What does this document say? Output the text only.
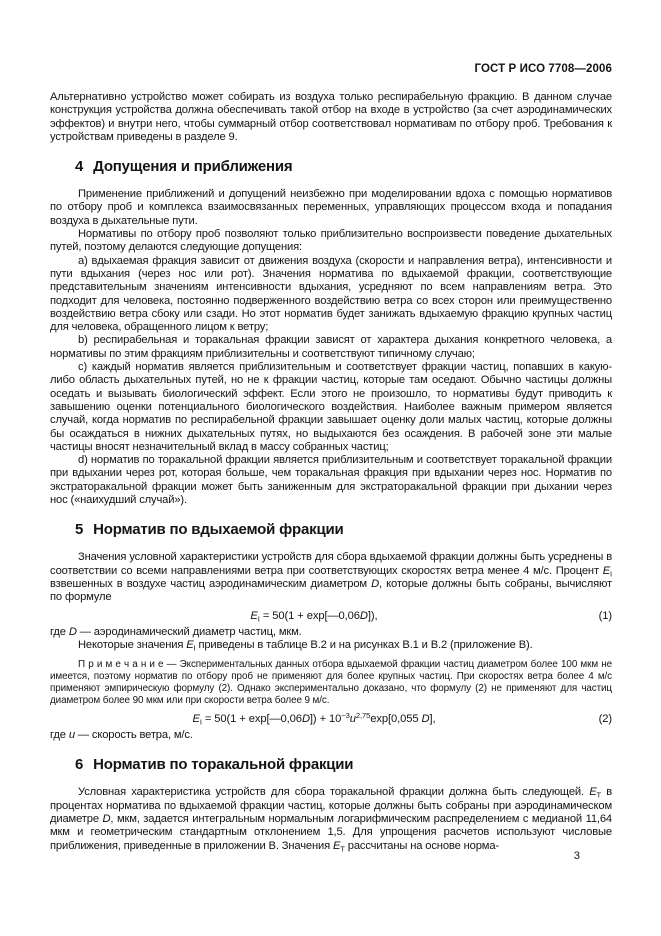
ГОСТ Р ИСО 7708—2006

Альтернативно устройство может собирать из воздуха только респирабельную фракцию. В данном случае конструкция устройства должна обеспечивать такой отбор на входе в устройство (за счет аэродинамических эффектов) и внутри него, чтобы суммарный отбор соответствовал нормативам по отбору проб. Требования к устройствам приведены в разделе 9.

4 Допущения и приближения

Применение приближений и допущений неизбежно при моделировании вдоха с помощью нормативов по отбору проб и комплекса взаимосвязанных переменных, управляющих процессом входа и попадания воздуха в дыхательные пути.

Нормативы по отбору проб позволяют только приблизительно воспроизвести поведение дыхательных путей, поэтому делаются следующие допущения:

а) вдыхаемая фракция зависит от движения воздуха (скорости и направления ветра), интенсивности и пути вдыхания (через нос или рот). Значения норматива по вдыхаемой фракции, соответствующие представительным значениям интенсивности вдыхания, усредняют по всем направлениям ветра. Это подходит для человека, постоянно подверженного воздействию ветра со всех сторон или преимущественно воздействию ветра сбоку или сзади. Но этот норматив будет занижать вдыхаемую фракцию крупных частиц для человека, обращенного лицом к ветру;

b) респирабельная и торакальная фракции зависят от характера дыхания конкретного человека, а нормативы по этим фракциям приблизительны и соответствуют типичному случаю;

c) каждый норматив является приблизительным и соответствует фракции частиц, попавших в какую-либо область дыхательных путей, но не к фракции частиц, которые там оседают. Обычно частицы должны оседать и вызывать биологический эффект. Если этого не произошло, то нормативы будут приводить к завышению оценки потенциального биологического воздействия. Наиболее важным примером является случай, когда норматив по респирабельной фракции завышает оценку доли малых частиц, которые должны бы осаждаться в нижних дыхательных путях, но выдыхаются без осаждения. В рабочей зоне эти малые частицы вносят незначительный вклад в массу собранных частиц;

d) норматив по торакальной фракции является приблизительным и соответствует торакальной фракции при вдыхании через рот, которая больше, чем торакальная фракция при вдыхании через нос. Норматив по экстраторакальной фракции может быть заниженным для экстраторакальной фракции при дыхании через нос («наихудший случай»).

5 Норматив по вдыхаемой фракции

Значения условной характеристики устройств для сбора вдыхаемой фракции должны быть усреднены в соответствии со всеми направлениями ветра при соответствующих скоростях ветра менее 4 м/с. Процент $E_I$ взвешенных в воздухе частиц аэродинамическим диаметром D, которые должны быть собраны, вычисляют по формуле

$E_I = 50(1$ + exp[—0,06D]),	(1)

где D — аэродинамический диаметр частиц, мкм.

Некоторые значения $E_I$ приведены в таблице В.2 и на рисунках В.1 и В.2 (приложение В).

П р и м е ч а н и е — Экспериментальных данных отбора вдыхаемой фракции частиц диаметром более 100 мкм не имеется, поэтому норматив по отбору проб не применяют для более крупных частиц. При скоростях ветра более 4 м/с применяют эмпирическую формулу (2). Однако экспериментально доказано, что формулу (2) не применяют для частиц диаметром более 90 мкм или при скорости ветра более 9 м/с.

$E_I = 50(1$ + exp[—0,06D]) + $10^{-3}u^{2,75}\exp[0,055$ D],	(2)

где u — скорость ветра, м/с.

6 Норматив по торакальной фракции

Условная характеристика устройств для сбора торакальной фракции должна быть следующей. $E_Т$ в процентах норматива по вдыхаемой фракции частиц, которые должны быть собраны при аэродинамическом диаметре D, мкм, задается интегральным нормальным логарифмическим распределением с медианой 11,64 мкм и геометрическим стандартным отклонением 1,5. Для упрощения расчетов используют числовые приближения, приведенные в приложении В. Значения $E_Т$ рассчитаны на основе норма-

3
